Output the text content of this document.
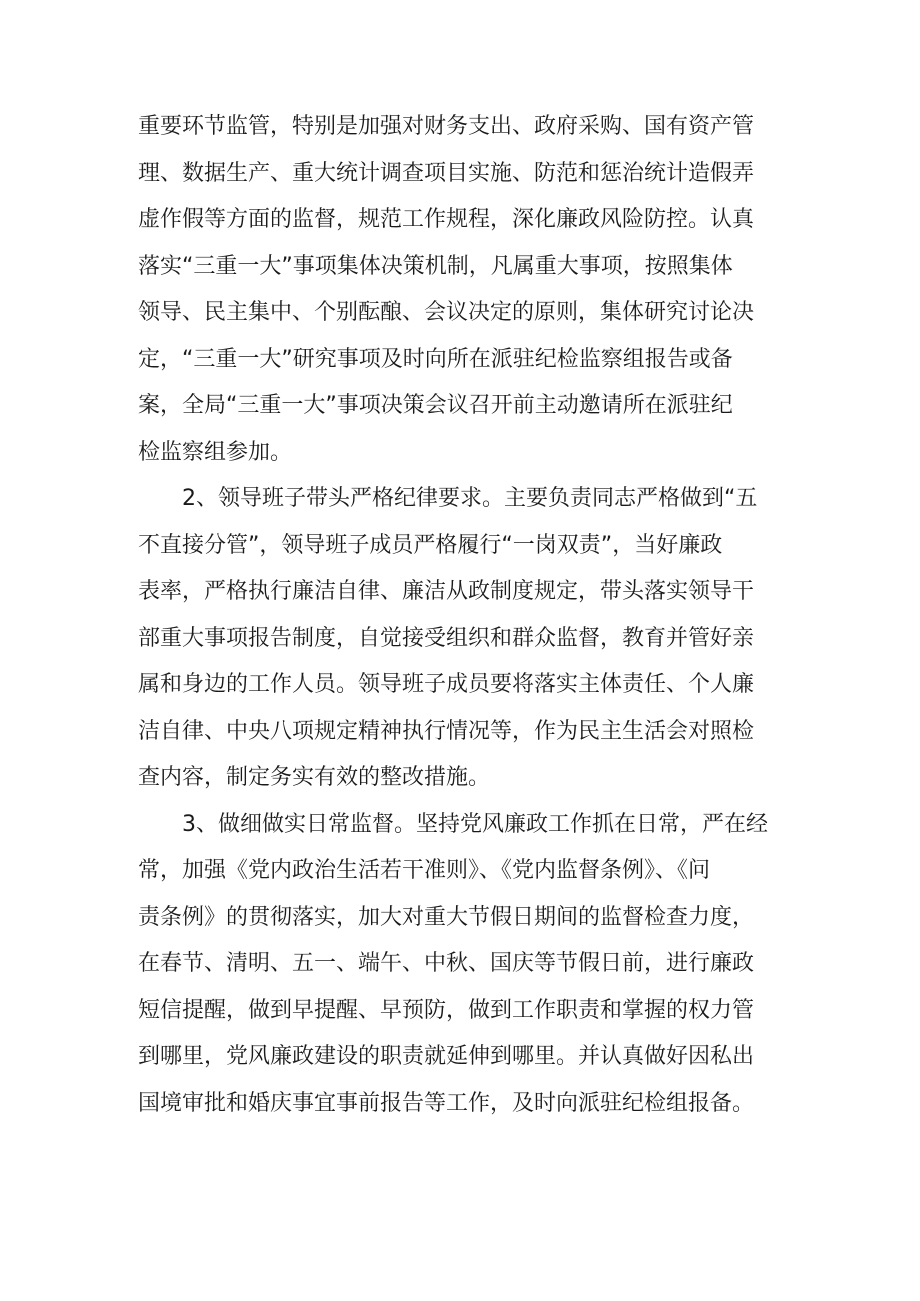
重要环节监管，特别是加强对财务支出、政府采购、国有资产管
理、数据生产、重大统计调查项目实施、防范和惩治统计造假弄
虚作假等方面的监督，规范工作规程，深化廉政风险防控。认真
落实“三重一大”事项集体决策机制，凡属重大事项，按照集体
领导、民主集中、个别酝酿、会议决定的原则，集体研究讨论决
定，“三重一大”研究事项及时向所在派驻纪检监察组报告或备
案，全局“三重一大”事项决策会议召开前主动邀请所在派驻纪
检监察组参加。
2、领导班子带头严格纪律要求。主要负责同志严格做到“五
不直接分管”，领导班子成员严格履行“一岗双责”，当好廉政
表率，严格执行廉洁自律、廉洁从政制度规定，带头落实领导干
部重大事项报告制度，自觉接受组织和群众监督，教育并管好亲
属和身边的工作人员。领导班子成员要将落实主体责任、个人廉
洁自律、中央八项规定精神执行情况等，作为民主生活会对照检
查内容，制定务实有效的整改措施。
3、做细做实日常监督。坚持党风廉政工作抓在日常，严在经
常，加强《党内政治生活若干准则》、《党内监督条例》、《问
责条例》的贯彻落实，加大对重大节假日期间的监督检查力度，
在春节、清明、五一、端午、中秋、国庆等节假日前，进行廉政
短信提醒，做到早提醒、早预防，做到工作职责和掌握的权力管
到哪里，党风廉政建设的职责就延伸到哪里。并认真做好因私出
国境审批和婚庆事宜事前报告等工作，及时向派驻纪检组报备。
